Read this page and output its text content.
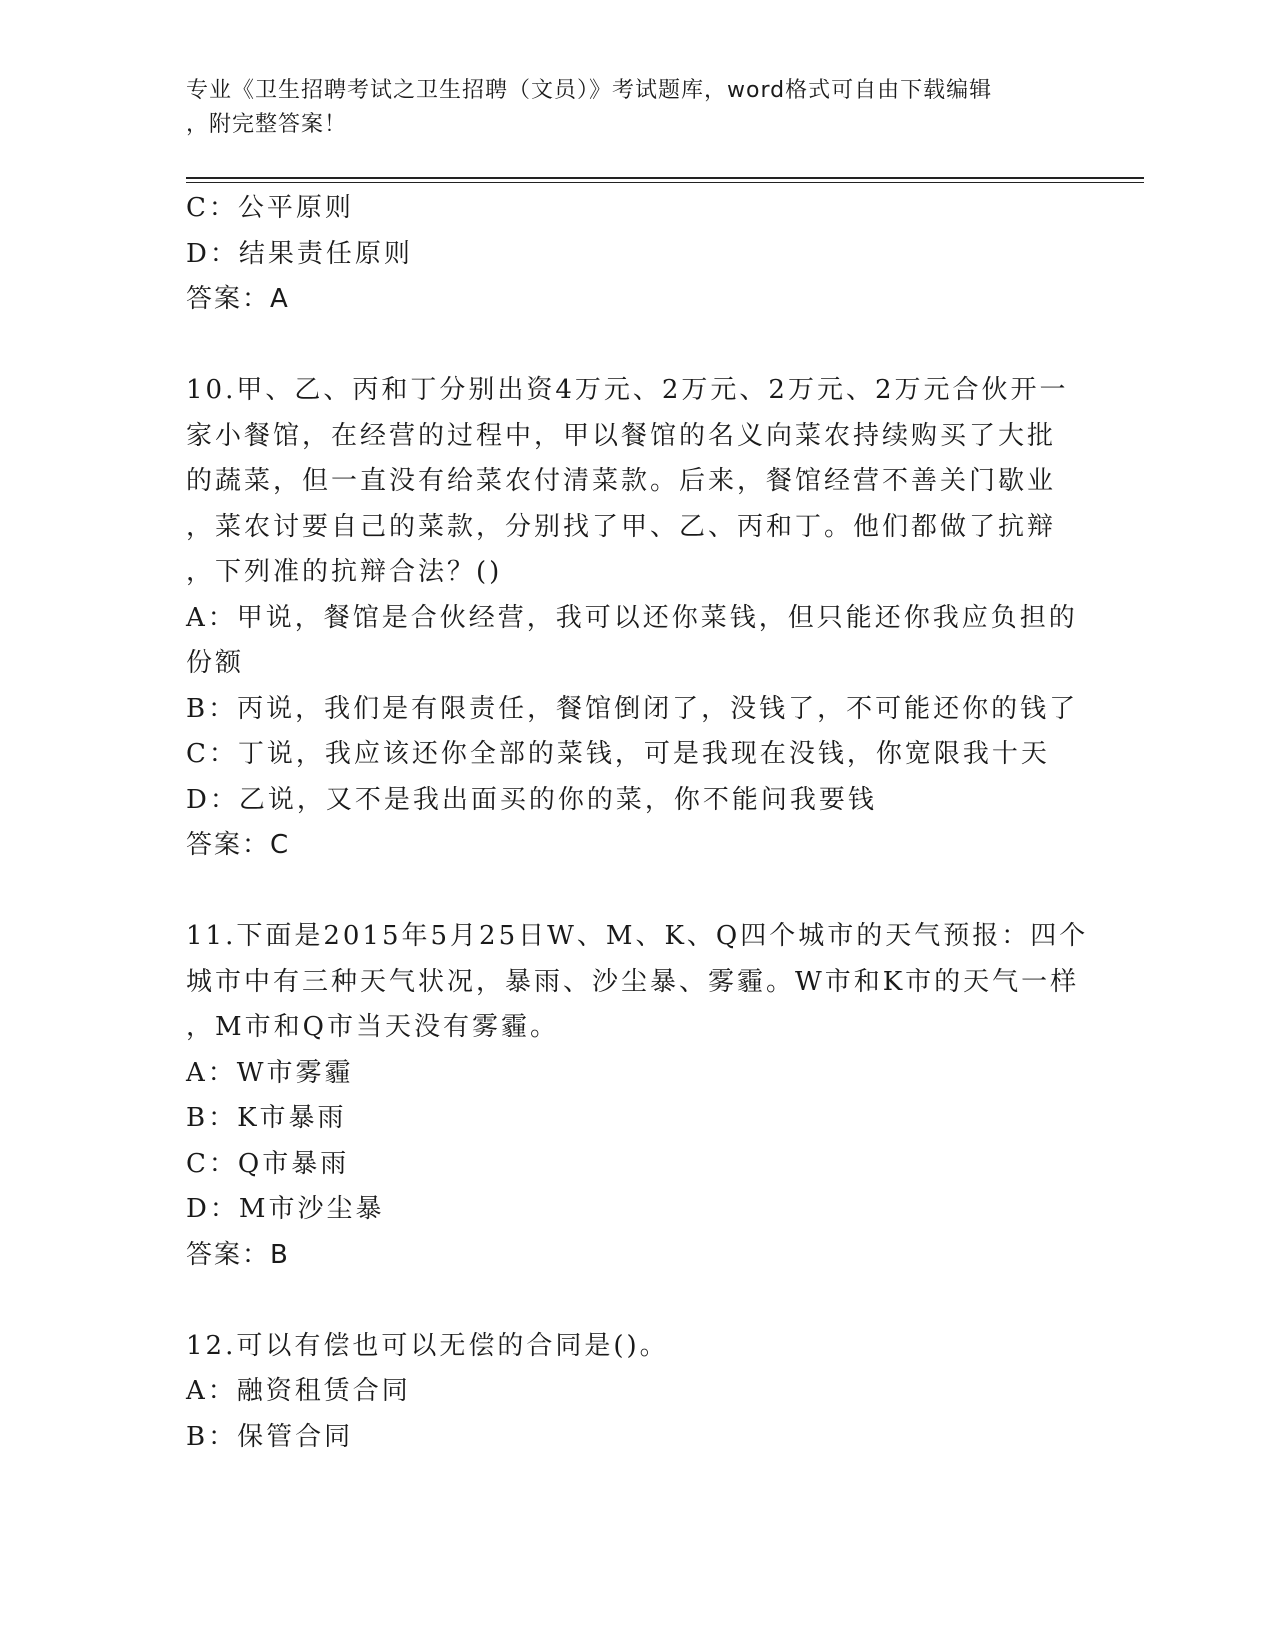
专业《卫生招聘考试之卫生招聘（文员）》考试题库，word格式可自由下载编辑
，附完整答案！
C：公平原则
D：结果责任原则
答案：A
10.甲、乙、丙和丁分别出资4万元、2万元、2万元、2万元合伙开一
家小餐馆，在经营的过程中，甲以餐馆的名义向菜农持续购买了大批
的蔬菜，但一直没有给菜农付清菜款。后来，餐馆经营不善关门歇业
，菜农讨要自己的菜款，分别找了甲、乙、丙和丁。他们都做了抗辩
，下列准的抗辩合法？()
A：甲说，餐馆是合伙经营，我可以还你菜钱，但只能还你我应负担的
份额
B：丙说，我们是有限责任，餐馆倒闭了，没钱了，不可能还你的钱了
C：丁说，我应该还你全部的菜钱，可是我现在没钱，你宽限我十天
D：乙说，又不是我出面买的你的菜，你不能问我要钱
答案：C
11.下面是2015年5月25日W、M、K、Q四个城市的天气预报：四个
城市中有三种天气状况，暴雨、沙尘暴、雾霾。W市和K市的天气一样
，M市和Q市当天没有雾霾。
A：W市雾霾
B：K市暴雨
C：Q市暴雨
D：M市沙尘暴
答案：B
12.可以有偿也可以无偿的合同是()。
A：融资租赁合同
B：保管合同
